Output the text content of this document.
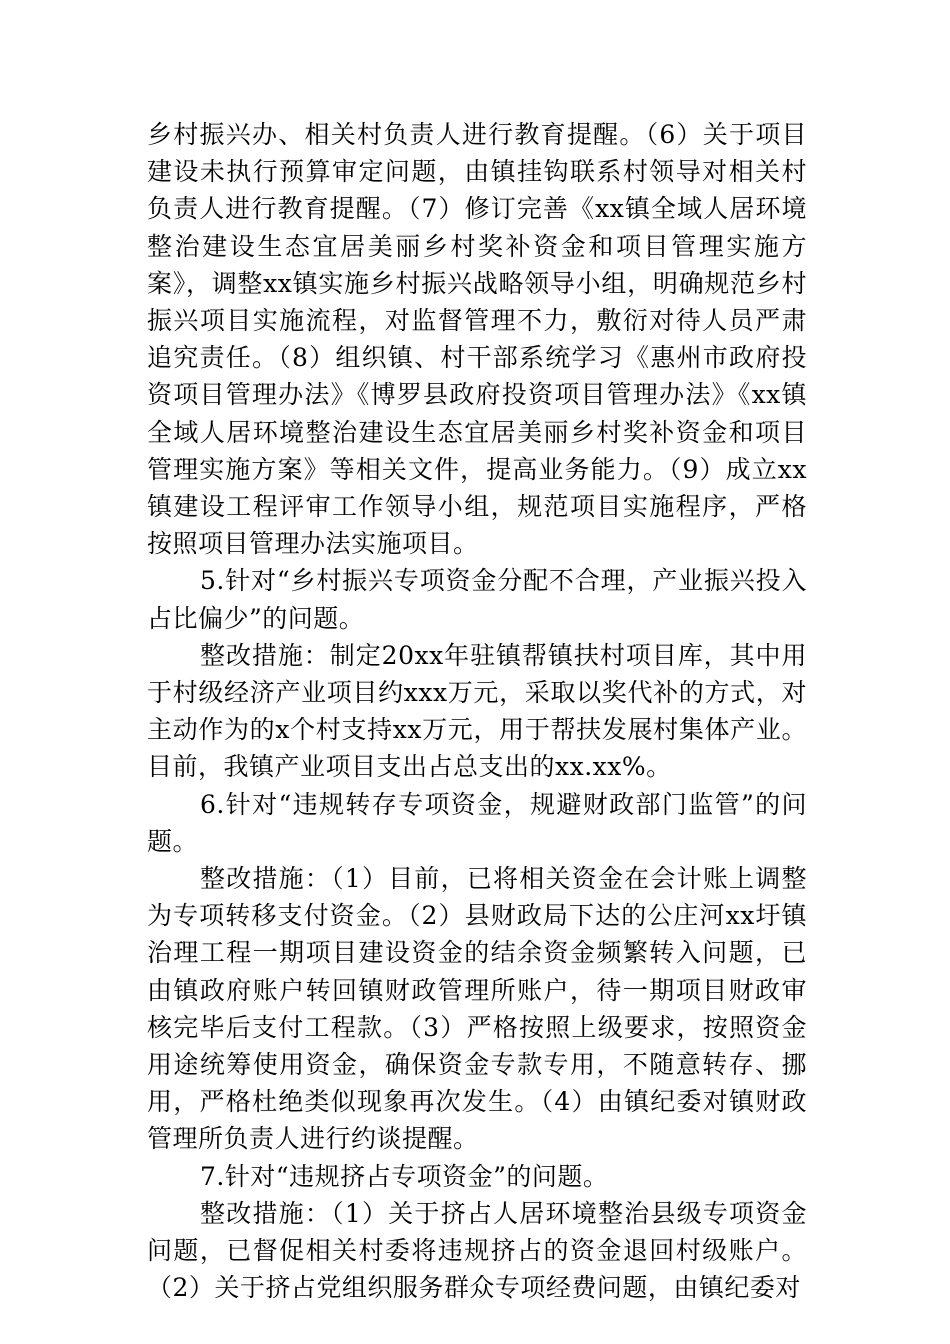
乡村振兴办、相关村负责人进行教育提醒。（6）关于项目建设未执行预算审定问题，由镇挂钩联系村领导对相关村负责人进行教育提醒。（7）修订完善《xx镇全域人居环境整治建设生态宜居美丽乡村奖补资金和项目管理实施方案》，调整xx镇实施乡村振兴战略领导小组，明确规范乡村振兴项目实施流程，对监督管理不力，敷衍对待人员严肃追究责任。（8）组织镇、村干部系统学习《惠州市政府投资项目管理办法》《博罗县政府投资项目管理办法》《xx镇全域人居环境整治建设生态宜居美丽乡村奖补资金和项目管理实施方案》等相关文件，提高业务能力。（9）成立xx镇建设工程评审工作领导小组，规范项目实施程序，严格按照项目管理办法实施项目。

5.针对“乡村振兴专项资金分配不合理，产业振兴投入占比偏少”的问题。

整改措施：制定20xx年驻镇帮镇扶村项目库，其中用于村级经济产业项目约xxx万元，采取以奖代补的方式，对主动作为的x个村支持xx万元，用于帮扶发展村集体产业。目前，我镇产业项目支出占总支出的xx.xx%。

6.针对“违规转存专项资金，规避财政部门监管”的问题。

整改措施：（1）目前，已将相关资金在会计账上调整为专项转移支付资金。（2）县财政局下达的公庄河xx圩镇治理工程一期项目建设资金的结余资金频繁转入问题，已由镇政府账户转回镇财政管理所账户，待一期项目财政审核完毕后支付工程款。（3）严格按照上级要求，按照资金用途统筹使用资金，确保资金专款专用，不随意转存、挪用，严格杜绝类似现象再次发生。（4）由镇纪委对镇财政管理所负责人进行约谈提醒。

7.针对“违规挤占专项资金”的问题。

整改措施：（1）关于挤占人居环境整治县级专项资金问题，已督促相关村委将违规挤占的资金退回村级账户。（2）关于挤占党组织服务群众专项经费问题，由镇纪委对
